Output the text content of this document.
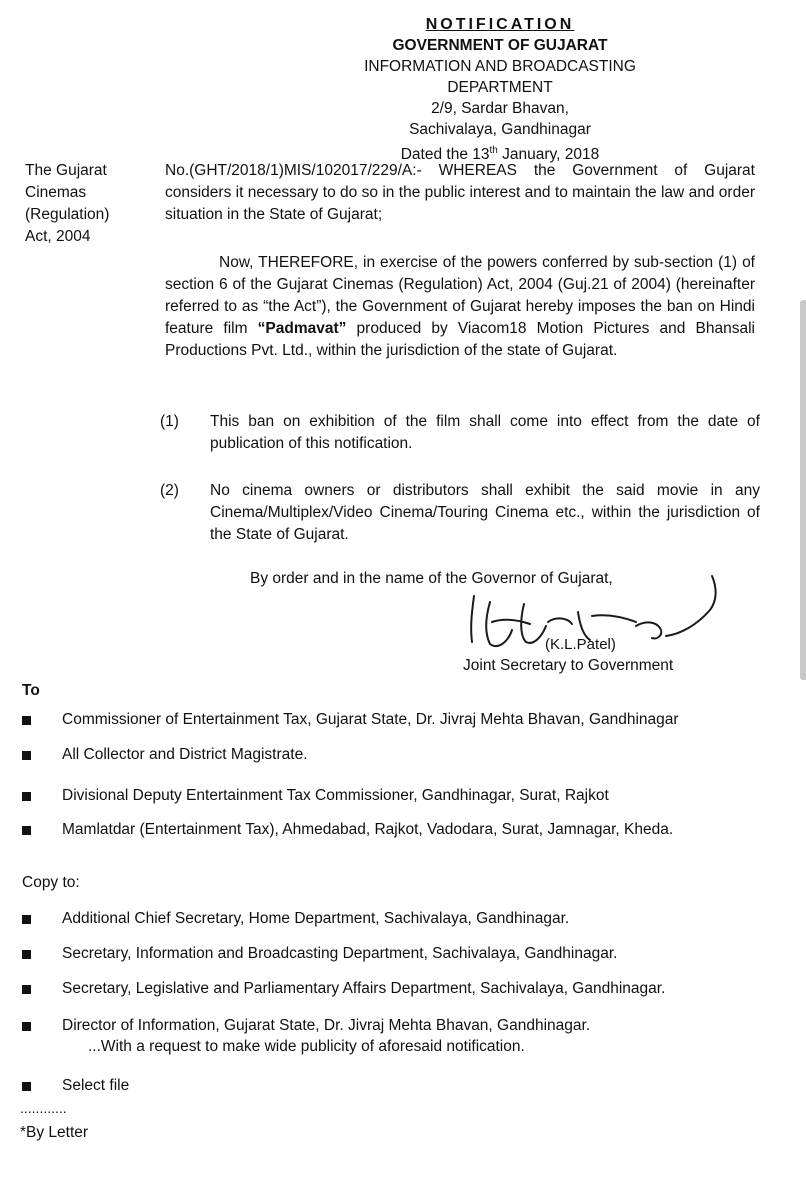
NOTIFICATION
GOVERNMENT OF GUJARAT
INFORMATION AND BROADCASTING DEPARTMENT
2/9, Sardar Bhavan,
Sachivalaya, Gandhinagar
Dated the 13th January, 2018
The Gujarat
Cinemas
(Regulation)
Act, 2004
No.(GHT/2018/1)MIS/102017/229/A:- WHEREAS the Government of Gujarat considers it necessary to do so in the public interest and to maintain the law and order situation in the State of Gujarat;
Now, THEREFORE, in exercise of the powers conferred by sub-section (1) of section 6 of the Gujarat Cinemas (Regulation) Act, 2004 (Guj.21 of 2004) (hereinafter referred to as “the Act”), the Government of Gujarat hereby imposes the ban on Hindi feature film “Padmavat” produced by Viacom18 Motion Pictures and Bhansali Productions Pvt. Ltd., within the jurisdiction of the state of Gujarat.
(1)	This ban on exhibition of the film shall come into effect from the date of publication of this notification.
(2)	No cinema owners or distributors shall exhibit the said movie in any Cinema/Multiplex/Video Cinema/Touring Cinema etc., within the jurisdiction of the State of Gujarat.
By order and in the name of the Governor of Gujarat,
(K.L.Patel)
Joint Secretary to Government
To
Commissioner of Entertainment Tax, Gujarat State, Dr. Jivraj Mehta Bhavan, Gandhinagar
All Collector and District Magistrate.
Divisional Deputy Entertainment Tax Commissioner, Gandhinagar, Surat, Rajkot
Mamlatdar (Entertainment Tax), Ahmedabad, Rajkot, Vadodara, Surat, Jamnagar, Kheda.
Copy to:
Additional Chief Secretary, Home Department, Sachivalaya, Gandhinagar.
Secretary, Information and Broadcasting Department, Sachivalaya, Gandhinagar.
Secretary, Legislative and Parliamentary Affairs Department, Sachivalaya, Gandhinagar.
Director of Information, Gujarat State, Dr. Jivraj Mehta Bhavan, Gandhinagar.
...With a request to make wide publicity of aforesaid notification.
Select file
............
*By Letter
